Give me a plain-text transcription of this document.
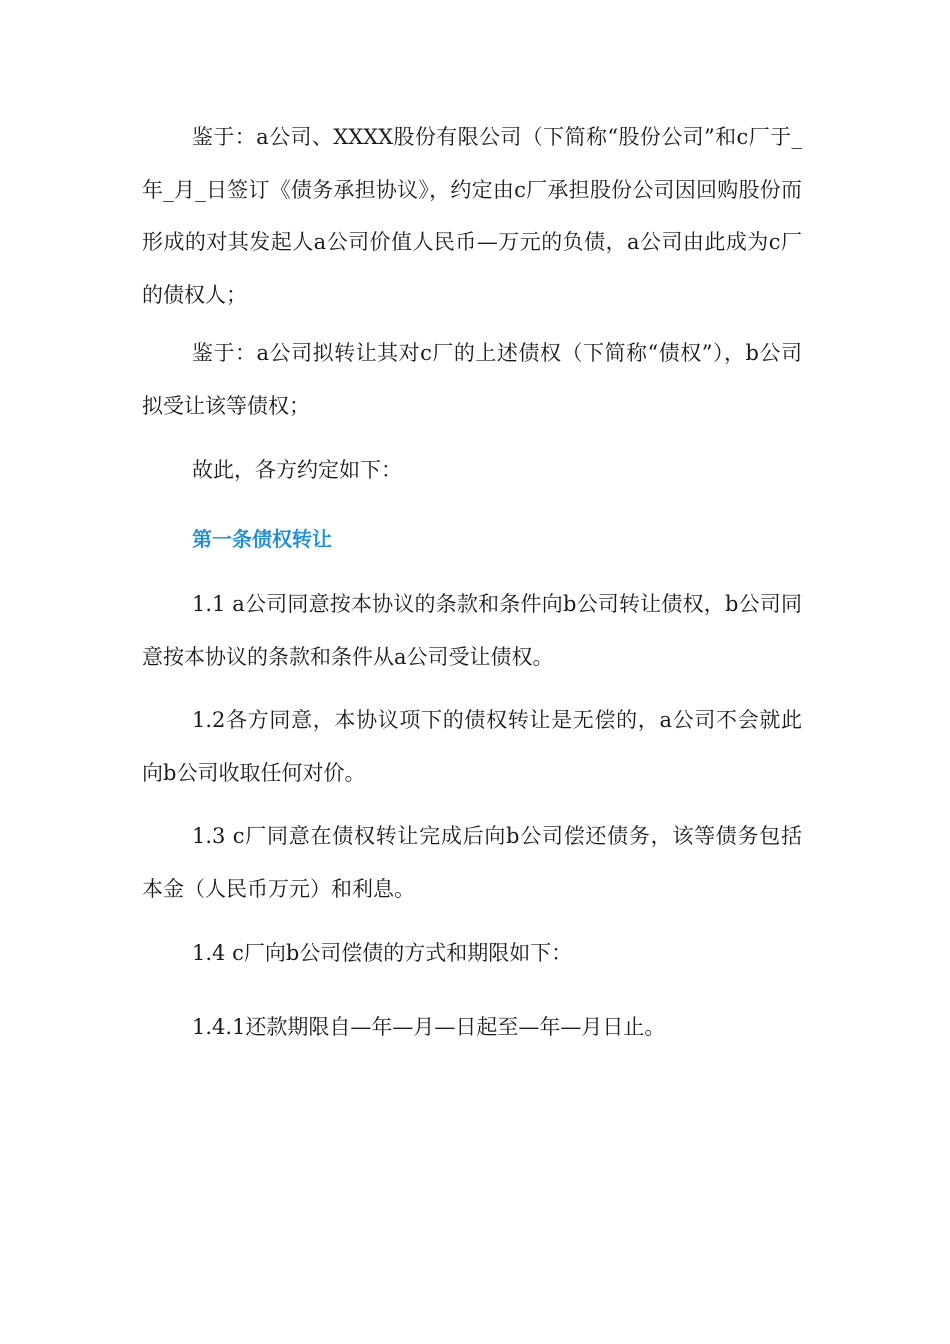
鉴于：a公司、XXXX股份有限公司（下简称“股份公司”和c厂于_年_月_日签订《债务承担协议》，约定由c厂承担股份公司因回购股份而形成的对其发起人a公司价值人民币—万元的负债，a公司由此成为c厂的债权人；

鉴于：a公司拟转让其对c厂的上述债权（下简称“债权”），b公司拟受让该等债权；

故此，各方约定如下：

第一条债权转让

1.1 a公司同意按本协议的条款和条件向b公司转让债权，b公司同意按本协议的条款和条件从a公司受让债权。

1.2各方同意，本协议项下的债权转让是无偿的，a公司不会就此向b公司收取任何对价。

1.3 c厂同意在债权转让完成后向b公司偿还债务，该等债务包括本金（人民币万元）和利息。

1.4 c厂向b公司偿债的方式和期限如下：

1.4.1还款期限自—年—月—日起至—年—月日止。
